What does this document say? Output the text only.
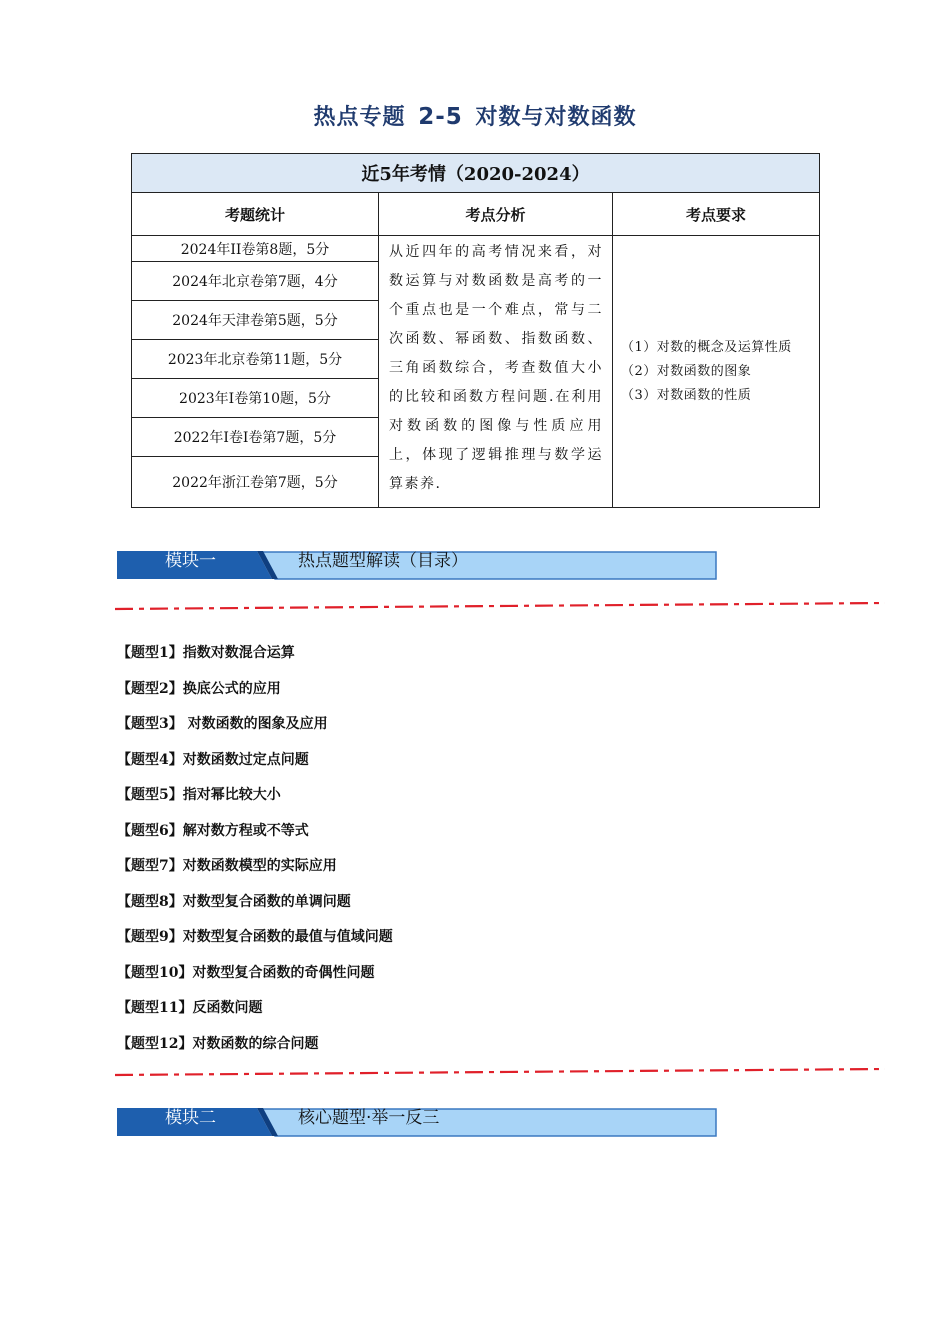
热点专题 2-5 对数与对数函数
近5年考情（2020-2024）		
考题统计	考点分析	考点要求
2024年II卷第8题，5分	从近四年的高考情况来看，对数运算与对数函数是高考的一个重点也是一个难点，常与二次函数、幂函数、指数函数、三角函数综合，考查数值大小的比较和函数方程问题.在利用对数函数的图像与性质应用上，体现了逻辑推理与数学运算素养.	（1）对数的概念及运算性质
（2）对数函数的图象
（3）对数函数的性质

2024年北京卷第7题，4分		
2024年天津卷第5题，5分		
2023年北京卷第11题，5分		
2023年I卷第10题，5分		
2022年I卷I卷第7题，5分		
2022年浙江卷第7题，5分		
模块一	热点题型解读（目录）
【题型1】指数对数混合运算
【题型2】换底公式的应用
【题型3】 对数函数的图象及应用
【题型4】对数函数过定点问题
【题型5】指对幂比较大小
【题型6】解对数方程或不等式
【题型7】对数函数模型的实际应用
【题型8】对数型复合函数的单调问题
【题型9】对数型复合函数的最值与值域问题
【题型10】对数型复合函数的奇偶性问题
【题型11】反函数问题
【题型12】对数函数的综合问题
模块二	核心题型·举一反三
